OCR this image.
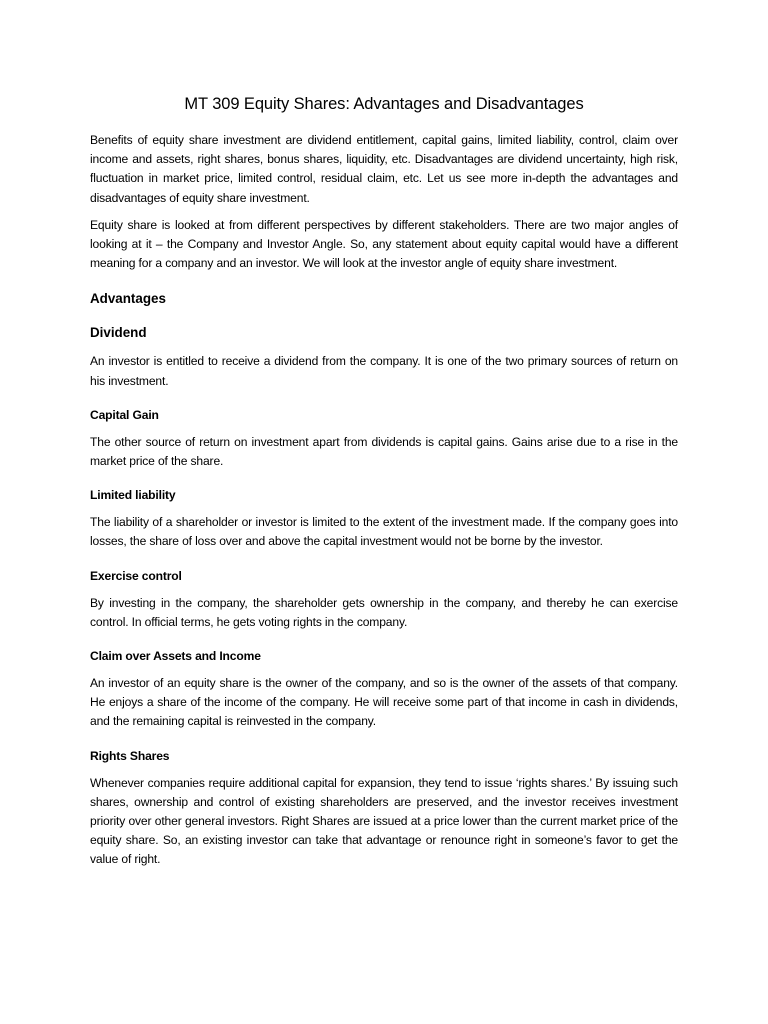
MT 309 Equity Shares: Advantages and Disadvantages

Benefits of equity share investment are dividend entitlement, capital gains, limited liability, control, claim over income and assets, right shares, bonus shares, liquidity, etc. Disadvantages are dividend uncertainty, high risk, fluctuation in market price, limited control, residual claim, etc. Let us see more in-depth the advantages and disadvantages of equity share investment.

Equity share is looked at from different perspectives by different stakeholders. There are two major angles of looking at it – the Company and Investor Angle. So, any statement about equity capital would have a different meaning for a company and an investor. We will look at the investor angle of equity share investment.

Advantages
Dividend

An investor is entitled to receive a dividend from the company. It is one of the two primary sources of return on his investment.

Capital Gain

The other source of return on investment apart from dividends is capital gains. Gains arise due to a rise in the market price of the share.

Limited liability

The liability of a shareholder or investor is limited to the extent of the investment made. If the company goes into losses, the share of loss over and above the capital investment would not be borne by the investor.

Exercise control

By investing in the company, the shareholder gets ownership in the company, and thereby he can exercise control. In official terms, he gets voting rights in the company.

Claim over Assets and Income

An investor of an equity share is the owner of the company, and so is the owner of the assets of that company. He enjoys a share of the income of the company. He will receive some part of that income in cash in dividends, and the remaining capital is reinvested in the company.

Rights Shares

Whenever companies require additional capital for expansion, they tend to issue ‘rights shares.’ By issuing such shares, ownership and control of existing shareholders are preserved, and the investor receives investment priority over other general investors. Right Shares are issued at a price lower than the current market price of the equity share. So, an existing investor can take that advantage or renounce right in someone’s favor to get the value of right.
